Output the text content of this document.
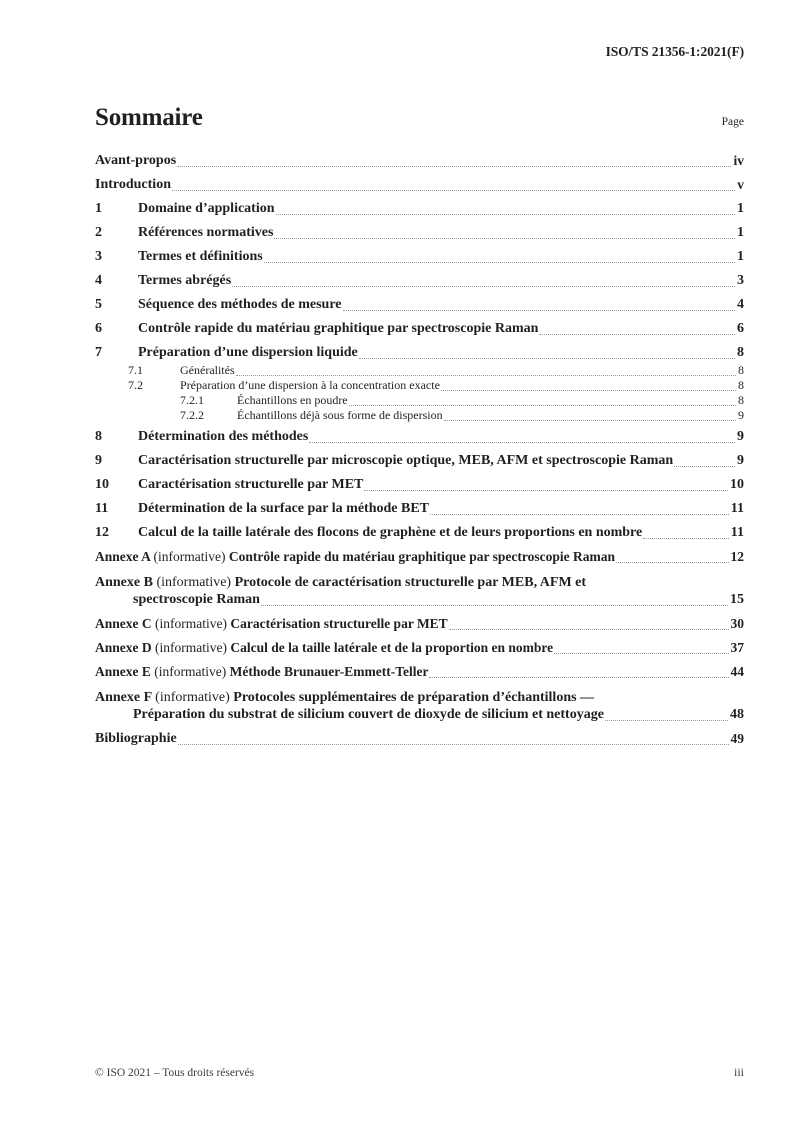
ISO/TS 21356-1:2021(F)
Sommaire	Page
Avant-propos	iv
Introduction	v
1	Domaine d’application	1
2	Références normatives	1
3	Termes et définitions	1
4	Termes abrégés	3
5	Séquence des méthodes de mesure	4
6	Contrôle rapide du matériau graphitique par spectroscopie Raman	6
7	Préparation d’une dispersion liquide	8
7.1	Généralités	8
7.2	Préparation d’une dispersion à la concentration exacte	8
7.2.1	Échantillons en poudre	8
7.2.2	Échantillons déjà sous forme de dispersion	9
8	Détermination des méthodes	9
9	Caractérisation structurelle par microscopie optique, MEB, AFM et spectroscopie Raman	9
10	Caractérisation structurelle par MET	10
11	Détermination de la surface par la méthode BET	11
12	Calcul de la taille latérale des flocons de graphène et de leurs proportions en nombre	11
Annexe A (informative) Contrôle rapide du matériau graphitique par spectroscopie Raman	12
Annexe B (informative) Protocole de caractérisation structurelle par MEB, AFM et
spectroscopie Raman	15
Annexe C (informative) Caractérisation structurelle par MET	30
Annexe D (informative) Calcul de la taille latérale et de la proportion en nombre	37
Annexe E (informative) Méthode Brunauer-Emmett-Teller	44
Annexe F (informative) Protocoles supplémentaires de préparation d’échantillons —
Préparation du substrat de silicium couvert de dioxyde de silicium et nettoyage	48
Bibliographie	49
© ISO 2021 – Tous droits réservés	iii
